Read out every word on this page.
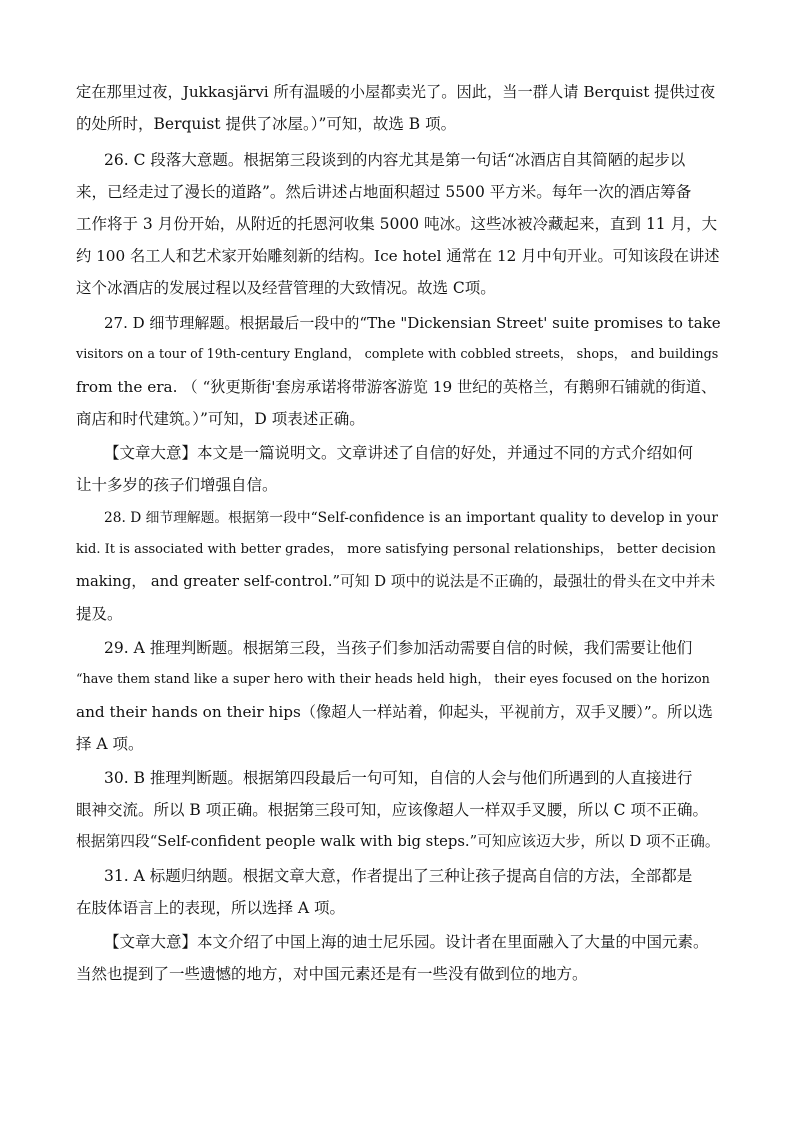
定在那里过夜，Jukkasjärvi 所有温暖的小屋都卖光了。因此，当一群人请 Berquist 提供过夜
的处所时，Berquist 提供了冰屋。）”可知，故选 B 项。
26. C 段落大意题。根据第三段谈到的内容尤其是第一句话“冰酒店自其简陋的起步以
来，已经走过了漫长的道路”。然后讲述占地面积超过 5500 平方米。每年一次的酒店筹备
工作将于 3 月份开始，从附近的托恩河收集 5000 吨冰。这些冰被冷藏起来，直到 11 月，大
约 100 名工人和艺术家开始雕刻新的结构。Ice hotel 通常在 12 月中旬开业。可知该段在讲述
这个冰酒店的发展过程以及经营管理的大致情况。故选 C项。
27. D 细节理解题。根据最后一段中的“The "Dickensian Street' suite promises to take
visitors on a tour of 19th-century England， complete with cobbled streets， shops， and buildings
from the era. （ “狄更斯街'套房承诺将带游客游览 19 世纪的英格兰，有鹅卵石铺就的街道、
商店和时代建筑。）”可知，D 项表述正确。
【文章大意】本文是一篇说明文。文章讲述了自信的好处，并通过不同的方式介绍如何
让十多岁的孩子们增强自信。
28. D 细节理解题。根据第一段中“Self-confidence is an important quality to develop in your
kid. It is associated with better grades， more satisfying personal relationships， better decision
making， and greater self-control.”可知 D 项中的说法是不正确的，最强壮的骨头在文中并未
提及。
29. A 推理判断题。根据第三段，当孩子们参加活动需要自信的时候，我们需要让他们
“have them stand like a super hero with their heads held high， their eyes focused on the horizon
and their hands on their hips（像超人一样站着，仰起头，平视前方，双手叉腰）”。所以选
择 A 项。
30. B 推理判断题。根据第四段最后一句可知，自信的人会与他们所遇到的人直接进行
眼神交流。所以 B 项正确。根据第三段可知，应该像超人一样双手叉腰，所以 C 项不正确。
根据第四段“Self-confident people walk with big steps.”可知应该迈大步，所以 D 项不正确。
31. A 标题归纳题。根据文章大意，作者提出了三种让孩子提高自信的方法，全部都是
在肢体语言上的表现，所以选择 A 项。
【文章大意】本文介绍了中国上海的迪士尼乐园。设计者在里面融入了大量的中国元素。
当然也提到了一些遗憾的地方，对中国元素还是有一些没有做到位的地方。
